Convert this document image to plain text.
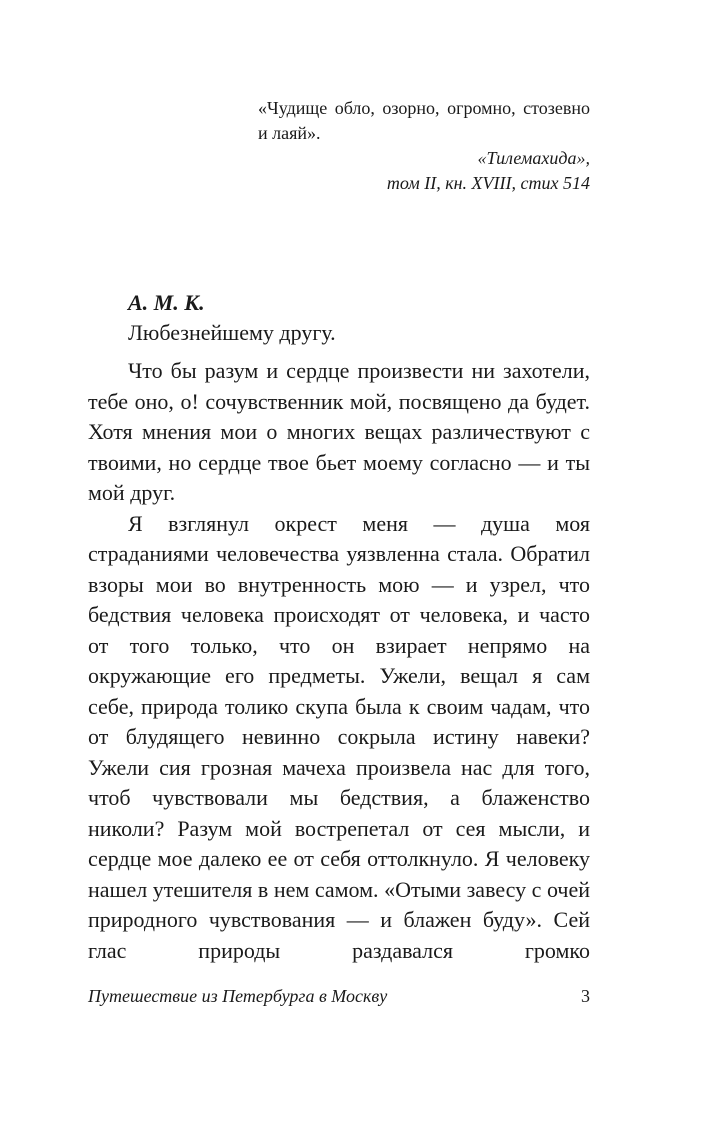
«Чудище обло, озорно, огромно, стозевно и лаяй».
«Тилемахида»,
том II, кн. XVIII, стих 514
А. М. К.
Любезнейшему другу.

Что бы разум и сердце произвести ни захотели, тебе оно, о! сочувственник мой, посвящено да будет. Хотя мнения мои о многих вещах различествуют с твоими, но сердце твое бьет моему согласно — и ты мой друг.

Я взглянул окрест меня — душа моя страданиями человечества уязвленна стала. Обратил взоры мои во внутренность мою — и узрел, что бедствия человека происходят от человека, и часто от того только, что он взирает непрямо на окружающие его предметы. Ужели, вещал я сам себе, природа толико скупа была к своим чадам, что от блудящего невинно сокрыла истину навеки? Ужели сия грозная мачеха произвела нас для того, чтоб чувствовали мы бедствия, а блаженство николи? Разум мой вострепетал от сея мысли, и сердце мое далеко ее от себя оттолкнуло. Я человеку нашел утешителя в нем самом. «Отыми завесу с очей природного чувствования — и блажен буду». Сей глас природы раздавался громко

Путешествие из Петербурга в Москву	3
